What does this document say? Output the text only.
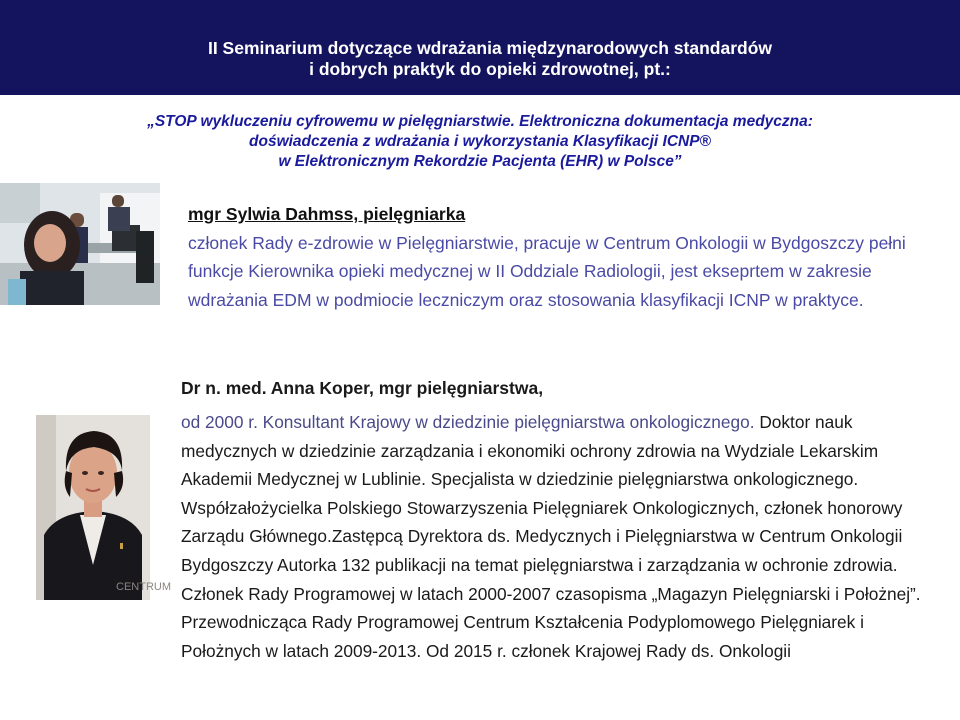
II Seminarium dotyczące wdrażania międzynarodowych standardów
i dobrych praktyk do opieki zdrowotnej, pt.:

„STOP wykluczeniu cyfrowemu w pielęgniarstwie. Elektroniczna dokumentacja medyczna:
doświadczenia z wdrażania i wykorzystania Klasyfikacji ICNP®
w Elektronicznym Rekordzie Pacjenta (EHR) w Polsce”

mgr Sylwia Dahmss, pielęgniarka
członek Rady e-zdrowie w Pielęgniarstwie, pracuje w Centrum Onkologii w Bydgoszczy pełni funkcje Kierownika opieki medycznej w II Oddziale Radiologii, jest ekseprtem w zakresie wdrażania EDM w podmiocie leczniczym oraz stosowania klasyfikacji ICNP w praktyce.

CENTRUM

Dr n. med. Anna Koper, mgr pielęgniarstwa,

od 2000 r. Konsultant Krajowy w dziedzinie pielęgniarstwa onkologicznego. Doktor nauk medycznych w dziedzinie zarządzania i ekonomiki ochrony zdrowia na Wydziale Lekarskim Akademii Medycznej w Lublinie. Specjalista w dziedzinie pielęgniarstwa onkologicznego. Współzałożycielka Polskiego Stowarzyszenia Pielęgniarek Onkologicznych, członek honorowy Zarządu Głównego.Zastępcą Dyrektora ds. Medycznych i Pielęgniarstwa w Centrum Onkologii Bydgoszczy Autorka 132 publikacji na temat pielęgniarstwa i zarządzania w ochronie zdrowia. Członek Rady Programowej w latach 2000-2007 czasopisma „Magazyn Pielęgniarski i Położnej”. Przewodnicząca Rady Programowej Centrum Kształcenia Podyplomowego Pielęgniarek i Położnych w latach 2009-2013. Od 2015 r. członek Krajowej Rady ds. Onkologii
